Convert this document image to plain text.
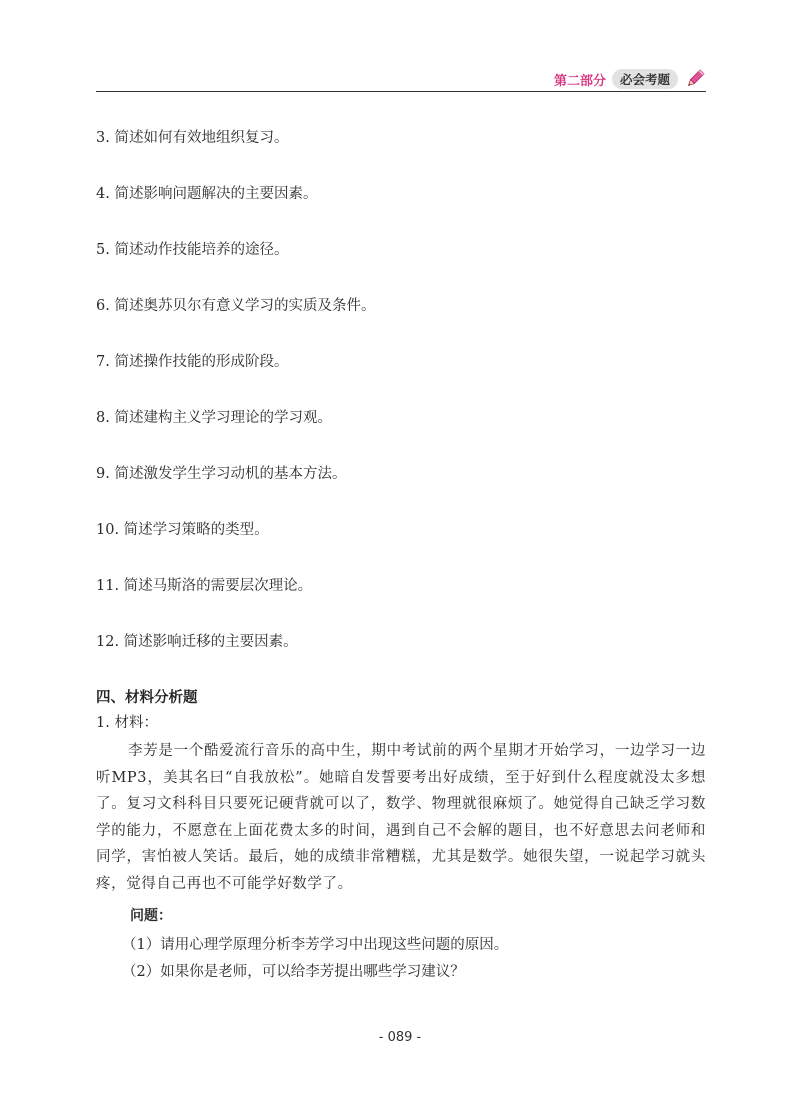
第二部分	必会考题
3. 简述如何有效地组织复习。
4. 简述影响问题解决的主要因素。
5. 简述动作技能培养的途径。
6. 简述奥苏贝尔有意义学习的实质及条件。
7. 简述操作技能的形成阶段。
8. 简述建构主义学习理论的学习观。
9. 简述激发学生学习动机的基本方法。
10. 简述学习策略的类型。
11. 简述马斯洛的需要层次理论。
12. 简述影响迁移的主要因素。
四、材料分析题
1. 材料：
李芳是一个酷爱流行音乐的高中生，期中考试前的两个星期才开始学习，一边学习一边听MP3，美其名曰“自我放松”。她暗自发誓要考出好成绩，至于好到什么程度就没太多想了。复习文科科目只要死记硬背就可以了，数学、物理就很麻烦了。她觉得自己缺乏学习数学的能力，不愿意在上面花费太多的时间，遇到自己不会解的题目，也不好意思去问老师和同学，害怕被人笑话。最后，她的成绩非常糟糕，尤其是数学。她很失望，一说起学习就头疼，觉得自己再也不可能学好数学了。
问题：
（1）请用心理学原理分析李芳学习中出现这些问题的原因。
（2）如果你是老师，可以给李芳提出哪些学习建议？
- 089 -
